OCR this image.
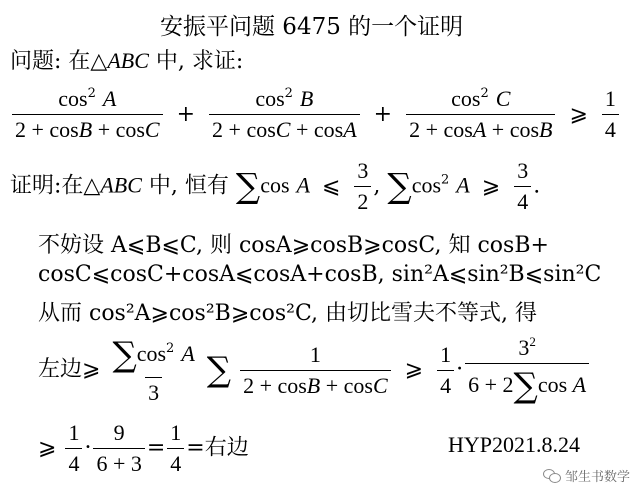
安振平问题 6475 的一个证明
问题: 在△ABC 中, 求证:
$\frac{\cos^2 A}{2 + \cos B + \cos C} + \frac{\cos^2 B}{2 + \cos C + \cos A} + \frac{\cos^2 C}{2 + \cos A + \cos B}$ ⩾ $\frac{1}{4}$
证明:在△ABC 中, 恒有 ∑cos A ⩽ $\frac{3}{2}$ , $\sum\cos^2$ A ⩾ $\frac{3}{4}$ .
不妨设 A⩽B⩽C, 则 cosA⩾cosB⩾cosC, 知 cosB+
cosC⩽cosC+cosA⩽cosA+cosB, sin²A⩽sin²B⩽sin²C
从而 cos²A⩾cos²B⩾cos²C, 由切比雪夫不等式, 得
左边⩾ $\frac{\sum\cos^2 A}{3}$ ∑ $\frac{1}{2 + \cos B + \cos C}$ ⩾ $\frac{1}{4} \cdot \frac{3^2}{\text{6 + 2∑cos A}}$
⩾ $\frac{1}{4} \cdot \frac{9}{6 + 3} = \frac{1}{4}$ =右边	HYP2021.8.24
邹生书数学
